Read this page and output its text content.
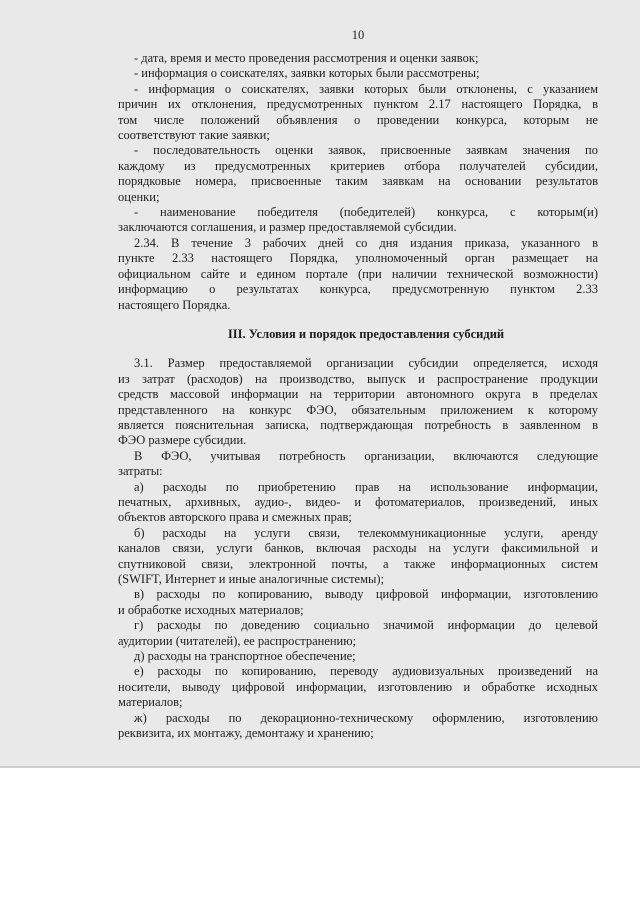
10
- дата, время и место проведения рассмотрения и оценки заявок;
- информация о соискателях, заявки которых были рассмотрены;
- информация о соискателях, заявки которых были отклонены, с указанием
причин их отклонения, предусмотренных пунктом 2.17 настоящего Порядка, в
том числе положений объявления о проведении конкурса, которым не
соответствуют такие заявки;
- последовательность оценки заявок, присвоенные заявкам значения по
каждому из предусмотренных критериев отбора получателей субсидии,
порядковые номера, присвоенные таким заявкам на основании результатов
оценки;
- наименование победителя (победителей) конкурса, с которым(и)
заключаются соглашения, и размер предоставляемой субсидии.
2.34. В течение 3 рабочих дней со дня издания приказа, указанного в
пункте 2.33 настоящего Порядка, уполномоченный орган размещает на
официальном сайте и едином портале (при наличии технической возможности)
информацию о результатах конкурса, предусмотренную пунктом 2.33
настоящего Порядка.
III. Условия и порядок предоставления субсидий
3.1. Размер предоставляемой организации субсидии определяется, исходя
из затрат (расходов) на производство, выпуск и распространение продукции
средств массовой информации на территории автономного округа в пределах
представленного на конкурс ФЭО, обязательным приложением к которому
является пояснительная записка, подтверждающая потребность в заявленном в
ФЭО размере субсидии.
В ФЭО, учитывая потребность организации, включаются следующие
затраты:
а) расходы по приобретению прав на использование информации,
печатных, архивных, аудио-, видео- и фотоматериалов, произведений, иных
объектов авторского права и смежных прав;
б) расходы на услуги связи, телекоммуникационные услуги, аренду
каналов связи, услуги банков, включая расходы на услуги факсимильной и
спутниковой связи, электронной почты, а также информационных систем
(SWIFT, Интернет и иные аналогичные системы);
в) расходы по копированию, выводу цифровой информации, изготовлению
и обработке исходных материалов;
г) расходы по доведению социально значимой информации до целевой
аудитории (читателей), ее распространению;
д) расходы на транспортное обеспечение;
е) расходы по копированию, переводу аудиовизуальных произведений на
носители, выводу цифровой информации, изготовлению и обработке исходных
материалов;
ж) расходы по декорационно-техническому оформлению, изготовлению
реквизита, их монтажу, демонтажу и хранению;
